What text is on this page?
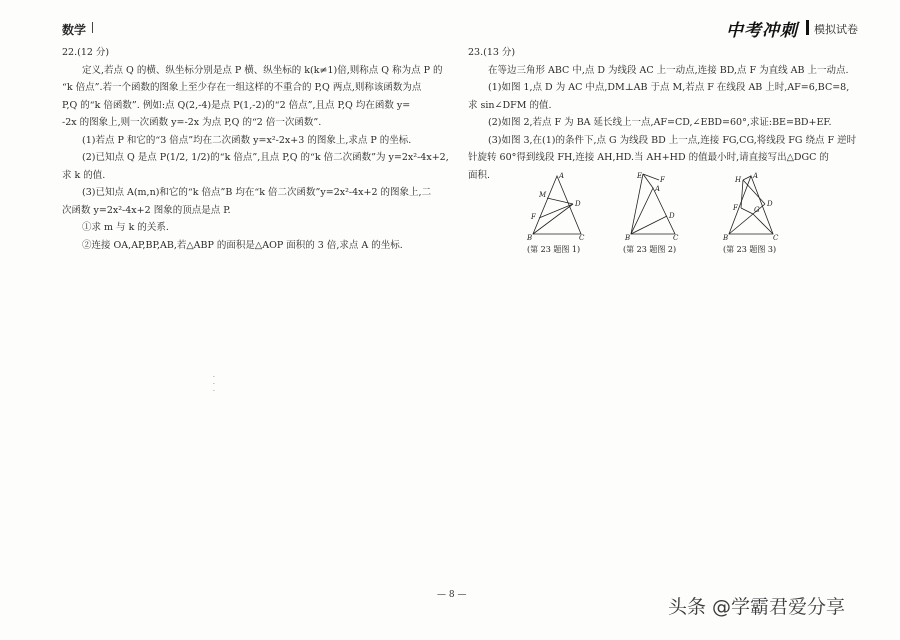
数学	中考冲刺 模拟试卷

22.(12 分)

定义,若点 Q 的横、纵坐标分别是点 P 横、纵坐标的 k(k≠1)倍,则称点 Q 称为点 P 的

“k 倍点”.若一个函数的图象上至少存在一组这样的不重合的 P,Q 两点,则称该函数为点

P,Q 的“k 倍函数”. 例如:点 Q(2,-4)是点 P(1,-2)的“2 倍点”,且点 P,Q 均在函数 y=

-2x 的图象上,则一次函数 y=-2x 为点 P,Q 的“2 倍一次函数”.

(1)若点 P 和它的“3 倍点”均在二次函数 y=x²-2x+3 的图象上,求点 P 的坐标.

(2)已知点 Q 是点 P(1/2, 1/2)的“k 倍点”,且点 P,Q 的“k 倍二次函数”为 y=2x²-4x+2,

求 k 的值.

(3)已知点 A(m,n)和它的“k 倍点”B 均在“k 倍二次函数”y=2x²-4x+2 的图象上,二

次函数 y=2x²-4x+2 图象的顶点是点 P.

①求 m 与 k 的关系.

②连接 OA,AP,BP,AB,若△ABP 的面积是△AOP 面积的 3 倍,求点 A 的坐标.

23.(13 分)

在等边三角形 ABC 中,点 D 为线段 AC 上一动点,连接 BD,点 F 为直线 AB 上一动点.

(1)如图 1,点 D 为 AC 中点,DM⊥AB 于点 M,若点 F 在线段 AB 上时,AF=6,BC=8,

求 sin∠DFM 的值.

(2)如图 2,若点 F 为 BA 延长线上一点,AF=CD,∠EBD=60°,求证:BE=BD+EF.

(3)如图 3,在(1)的条件下,点 G 为线段 BD 上一点,连接 FG,CG,将线段 FG 绕点 F 逆时

针旋转 60°得到线段 FH,连接 AH,HD.当 AH+HD 的值最小时,请直接写出△DGC 的

面积.	A
M
F
D
B	C
(第 23 题图 1)
E	F
A
D
B	C
(第 23 题图 2)
A
H
F G
D
B	C
(第 23 题图 3)
·
·
·
— 8 —
头条 @学霸君爱分享
